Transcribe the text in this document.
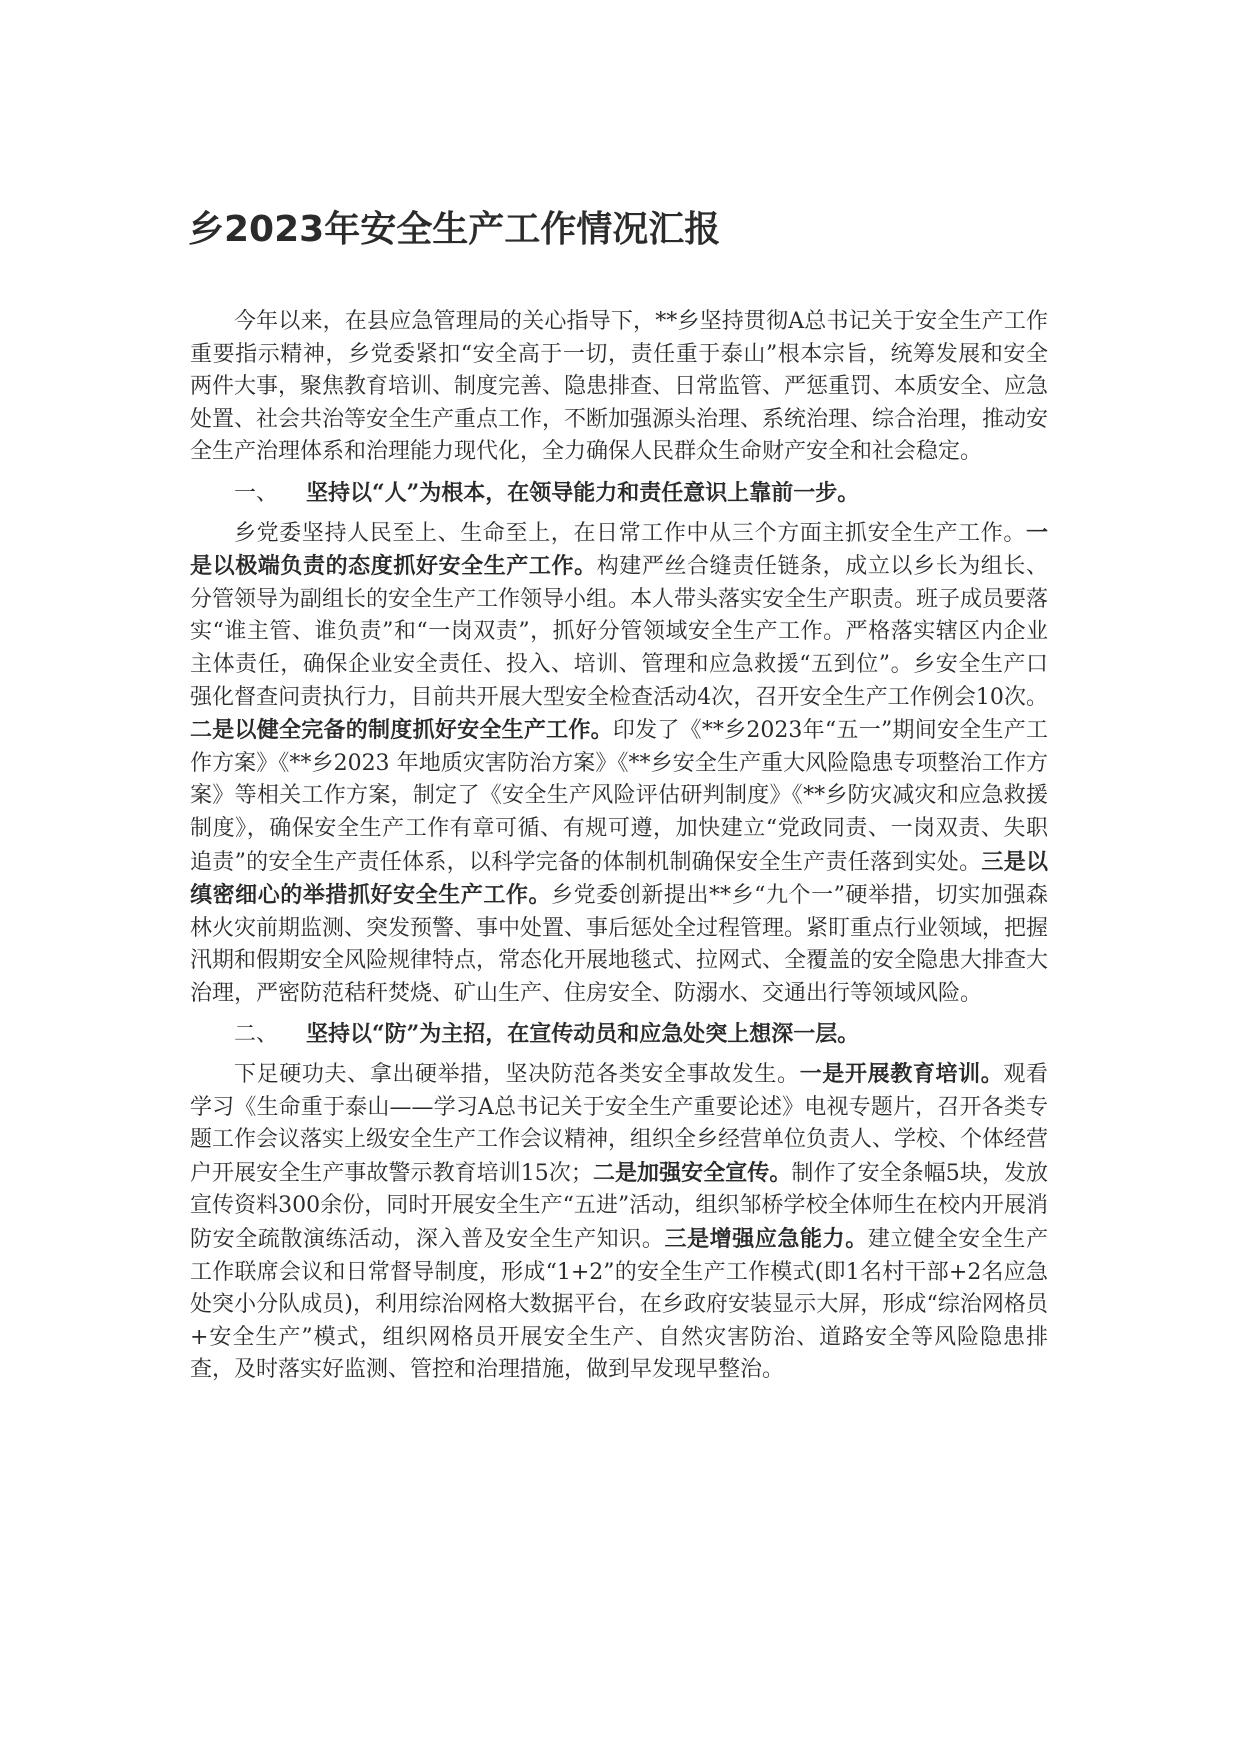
乡2023年安全生产工作情况汇报

今年以来，在县应急管理局的关心指导下，**乡坚持贯彻A总书记关于安全生产工作重要指示精神，乡党委紧扣“安全高于一切，责任重于泰山”根本宗旨，统筹发展和安全两件大事，聚焦教育培训、制度完善、隐患排查、日常监管、严惩重罚、本质安全、应急处置、社会共治等安全生产重点工作，不断加强源头治理、系统治理、综合治理，推动安全生产治理体系和治理能力现代化，全力确保人民群众生命财产安全和社会稳定。

一、 坚持以“人”为根本，在领导能力和责任意识上靠前一步。

乡党委坚持人民至上、生命至上，在日常工作中从三个方面主抓安全生产工作。一是以极端负责的态度抓好安全生产工作。构建严丝合缝责任链条，成立以乡长为组长、分管领导为副组长的安全生产工作领导小组。本人带头落实安全生产职责。班子成员要落实“谁主管、谁负责”和“一岗双责”，抓好分管领域安全生产工作。严格落实辖区内企业主体责任，确保企业安全责任、投入、培训、管理和应急救援“五到位”。乡安全生产口强化督查问责执行力，目前共开展大型安全检查活动4次，召开安全生产工作例会10次。二是以健全完备的制度抓好安全生产工作。印发了《**乡2023年“五一”期间安全生产工作方案》《**乡2023 年地质灾害防治方案》《**乡安全生产重大风险隐患专项整治工作方案》等相关工作方案，制定了《安全生产风险评估研判制度》《**乡防灾减灾和应急救援制度》，确保安全生产工作有章可循、有规可遵，加快建立“党政同责、一岗双责、失职追责”的安全生产责任体系，以科学完备的体制机制确保安全生产责任落到实处。三是以缜密细心的举措抓好安全生产工作。乡党委创新提出**乡“九个一”硬举措，切实加强森林火灾前期监测、突发预警、事中处置、事后惩处全过程管理。紧盯重点行业领域，把握汛期和假期安全风险规律特点，常态化开展地毯式、拉网式、全覆盖的安全隐患大排查大治理，严密防范秸秆焚烧、矿山生产、住房安全、防溺水、交通出行等领域风险。

二、 坚持以“防”为主招，在宣传动员和应急处突上想深一层。

下足硬功夫、拿出硬举措，坚决防范各类安全事故发生。一是开展教育培训。观看学习《生命重于泰山——学习A总书记关于安全生产重要论述》电视专题片，召开各类专题工作会议落实上级安全生产工作会议精神，组织全乡经营单位负责人、学校、个体经营户开展安全生产事故警示教育培训15次；二是加强安全宣传。制作了安全条幅5块，发放宣传资料300余份，同时开展安全生产“五进”活动，组织邹桥学校全体师生在校内开展消防安全疏散演练活动，深入普及安全生产知识。三是增强应急能力。建立健全安全生产工作联席会议和日常督导制度，形成“1+2”的安全生产工作模式(即1名村干部+2名应急处突小分队成员)，利用综治网格大数据平台，在乡政府安装显示大屏，形成“综治网格员+安全生产”模式，组织网格员开展安全生产、自然灾害防治、道路安全等风险隐患排查，及时落实好监测、管控和治理措施，做到早发现早整治。
